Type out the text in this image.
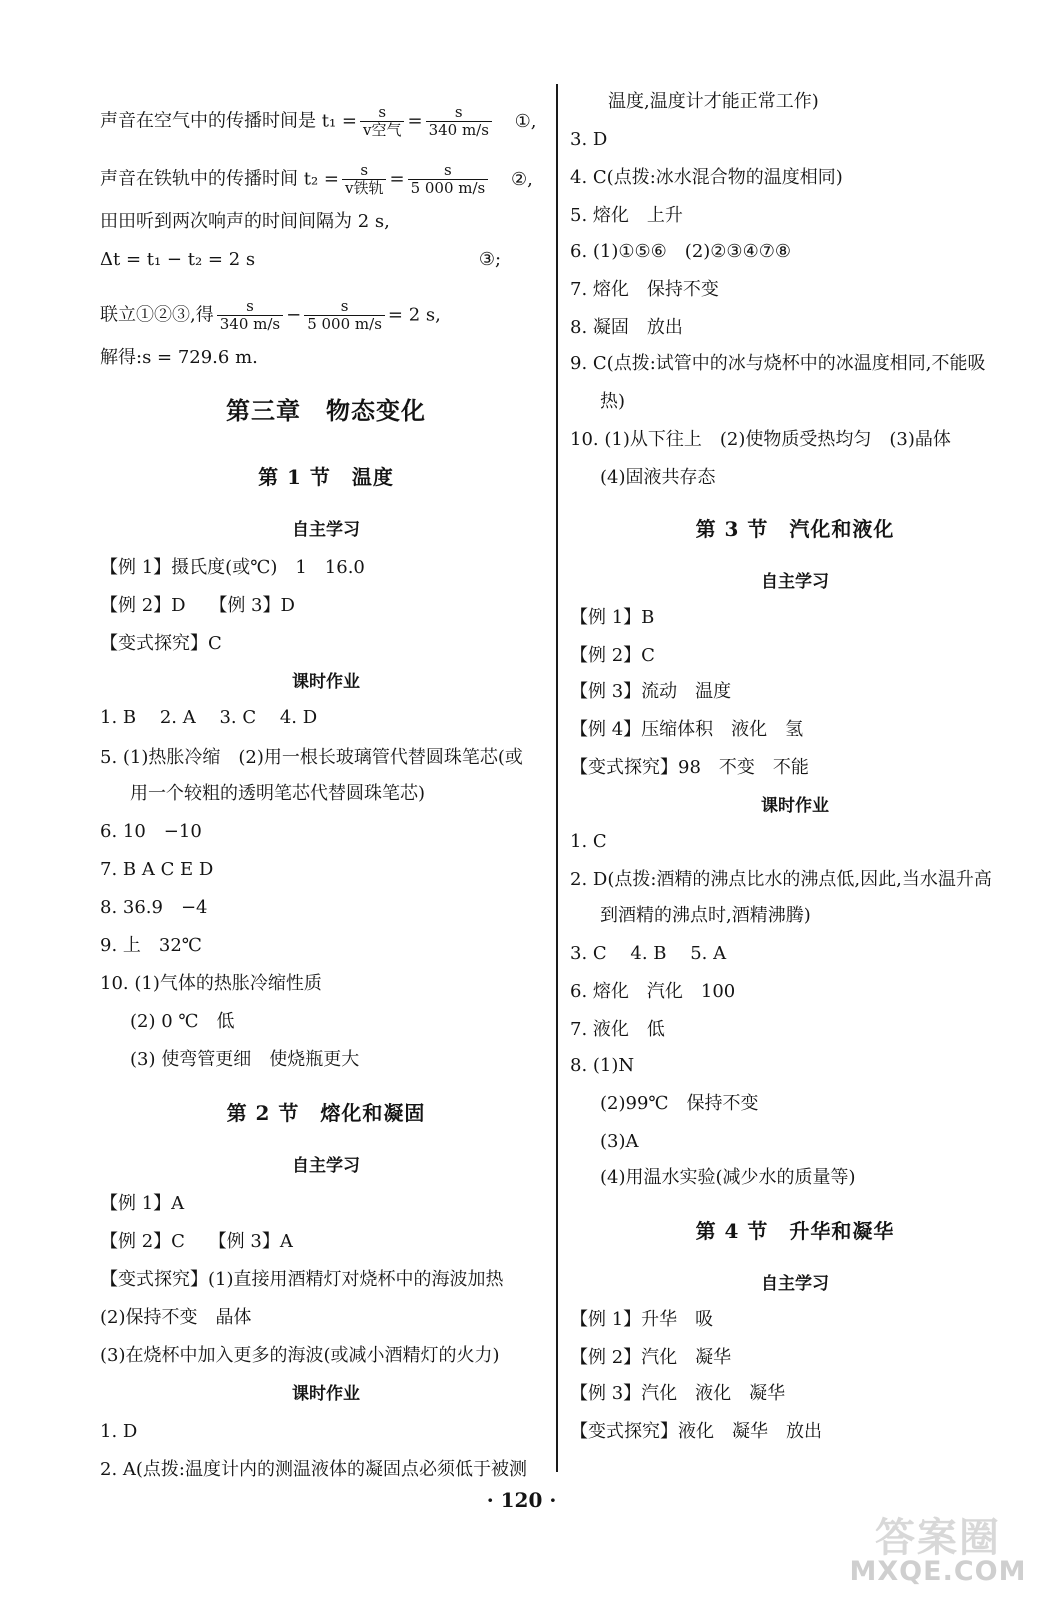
声音在空气中的传播时间是 $t_1 = \frac{s}{\text{v空气}} = \frac{s}{340 m/s}$ ①,
声音在铁轨中的传播时间 $t_2 = \frac{s}{\text{v铁轨}} = \frac{s}{5 000 m/s}$ ②,
田田听到两次响声的时间间隔为 2 s,
Δt = t₁ − t₂ = 2 s	③;
联立①②③,得 $\frac{s}{340 m/s} - \frac{s}{5 000 m/s} = 2$ s,
解得:s = 729.6 m.
第三章　物态变化
第 1 节　温度
自主学习
【例 1】摄氏度(或℃)　1　16.0
【例 2】D　 【例 3】D
【变式探究】C
课时作业
1. B　 2. A　 3. C　 4. D
5. (1)热胀冷缩　(2)用一根长玻璃管代替圆珠笔芯(或
用一个较粗的透明笔芯代替圆珠笔芯)
6. 10　−10
7. B A C E D
8. 36.9　−4
9. 上　32℃
10. (1)气体的热胀冷缩性质
(2) 0 ℃　低
(3) 使弯管更细　使烧瓶更大
第 2 节　熔化和凝固
自主学习
【例 1】A
【例 2】C　 【例 3】A
【变式探究】(1)直接用酒精灯对烧杯中的海波加热
(2)保持不变　晶体
(3)在烧杯中加入更多的海波(或减小酒精灯的火力)
课时作业
1. D
2. A(点拨:温度计内的测温液体的凝固点必须低于被测
温度,温度计才能正常工作)
3. D
4. C(点拨:冰水混合物的温度相同)
5. 熔化　上升
6. (1)①⑤⑥　(2)②③④⑦⑧
7. 熔化　保持不变
8. 凝固　放出
9. C(点拨:试管中的冰与烧杯中的冰温度相同,不能吸
热)
10. (1)从下往上　(2)使物质受热均匀　(3)晶体
(4)固液共存态
第 3 节　汽化和液化
自主学习
【例 1】B
【例 2】C
【例 3】流动　温度
【例 4】压缩体积　液化　氢
【变式探究】98　不变　不能
课时作业
1. C
2. D(点拨:酒精的沸点比水的沸点低,因此,当水温升高
到酒精的沸点时,酒精沸腾)
3. C　 4. B　 5. A
6. 熔化　汽化　100
7. 液化　低
8. (1)N
(2)99℃　保持不变
(3)A
(4)用温水实验(减少水的质量等)
第 4 节　升华和凝华
自主学习
【例 1】升华　吸
【例 2】汽化　凝华
【例 3】汽化　液化　凝华
【变式探究】液化　凝华　放出
· 120 ·
答案圈
MXQE.COM
